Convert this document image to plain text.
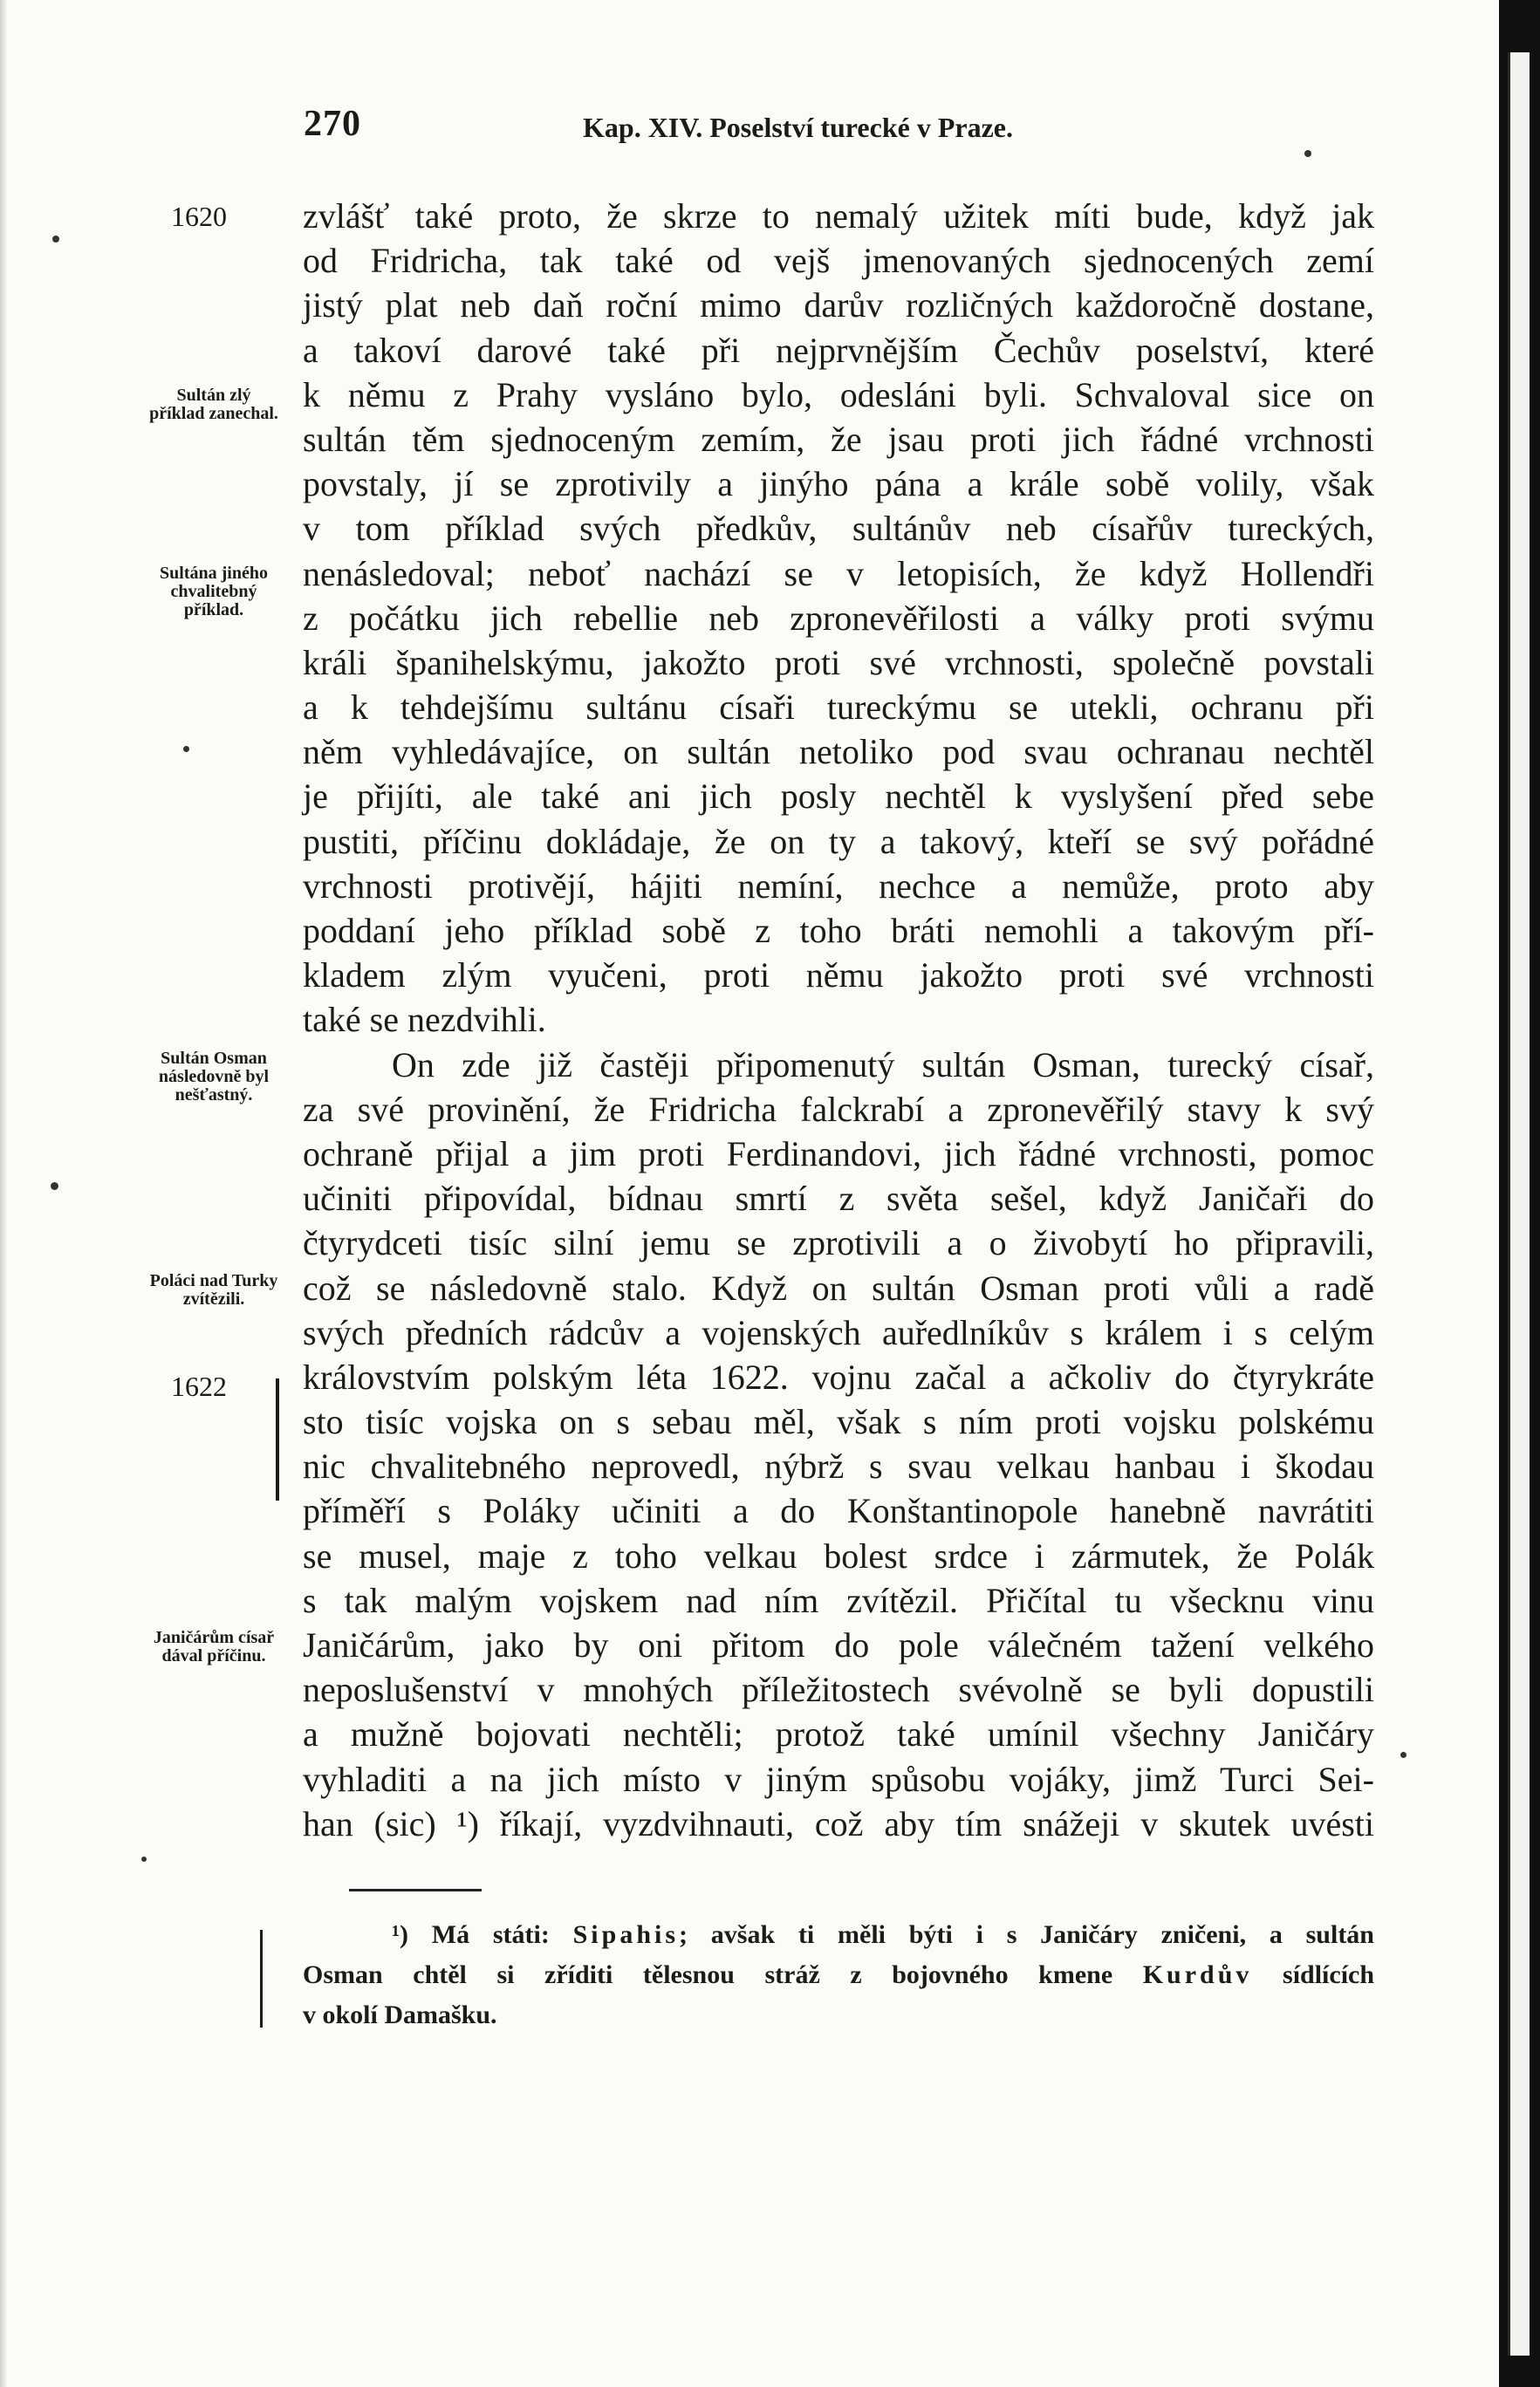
270	Kap. XIV. Poselství turecké v Praze.
1620
1622
Sultán zlý příklad zanechal.
Sultána jiného chvalitebný příklad.
Sultán Osman následovně byl nešťastný.
Poláci nad Turky zvítězili.
Janičárům císař dával příčinu.
zvlášť také proto, že skrze to nemalý užitek míti bude, když jak
od Fridricha, tak také od vejš jmenovaných sjednocených zemí
jistý plat neb daň roční mimo darův rozličných každoročně dostane,
a takoví darové také při nejprvnějším Čechův poselství, které
k němu z Prahy vysláno bylo, odesláni byli. Schvaloval sice on
sultán těm sjednoceným zemím, že jsau proti jich řádné vrchnosti
povstaly, jí se zprotivily a jinýho pána a krále sobě volily, však
v tom příklad svých předkův, sultánův neb císařův tureckých,
nenásledoval; neboť nachází se v letopisích, že když Hollendři
z počátku jich rebellie neb zpronevěřilosti a války proti svýmu
králi španihelskýmu, jakožto proti své vrchnosti, společně povstali
a k tehdejšímu sultánu císaři tureckýmu se utekli, ochranu při
něm vyhledávajíce, on sultán netoliko pod svau ochranau nechtěl
je přijíti, ale také ani jich posly nechtěl k vyslyšení před sebe
pustiti, příčinu dokládaje, že on ty a takový, kteří se svý pořádné
vrchnosti protivějí, hájiti nemíní, nechce a nemůže, proto aby
poddaní jeho příklad sobě z toho bráti nemohli a takovým pří-
kladem zlým vyučeni, proti němu jakožto proti své vrchnosti
také se nezdvihli.
On zde již častěji připomenutý sultán Osman, turecký císař,
za své provinění, že Fridricha falckrabí a zpronevěřilý stavy k svý
ochraně přijal a jim proti Ferdinandovi, jich řádné vrchnosti, pomoc
učiniti připovídal, bídnau smrtí z světa sešel, když Janičaři do
čtyrydceti tisíc silní jemu se zprotivili a o živobytí ho připravili,
což se následovně stalo. Když on sultán Osman proti vůli a radě
svých předních rádcův a vojenských auředlníkův s králem i s celým
královstvím polským léta 1622. vojnu začal a ačkoliv do čtyrykráte
sto tisíc vojska on s sebau měl, však s ním proti vojsku polskému
nic chvalitebného neprovedl, nýbrž s svau velkau hanbau i škodau
příměří s Poláky učiniti a do Konštantinopole hanebně navrátiti
se musel, maje z toho velkau bolest srdce i zármutek, že Polák
s tak malým vojskem nad ním zvítězil. Přičítal tu všecknu vinu
Janičárům, jako by oni přitom do pole válečném tažení velkého
neposlušenství v mnohých příležitostech svévolně se byli dopustili
a mužně bojovati nechtěli; protož také umínil všechny Janičáry
vyhladiti a na jich místo v jiným spůsobu vojáky, jimž Turci Sei-
han (sic) ¹) říkají, vyzdvihnauti, což aby tím snážeji v skutek uvésti
¹) Má státi: Sipahis; avšak ti měli býti i s Janičáry zničeni, a sultán
Osman chtěl si zříditi tělesnou stráž z bojovného kmene Kurdův sídlících
v okolí Damašku.
